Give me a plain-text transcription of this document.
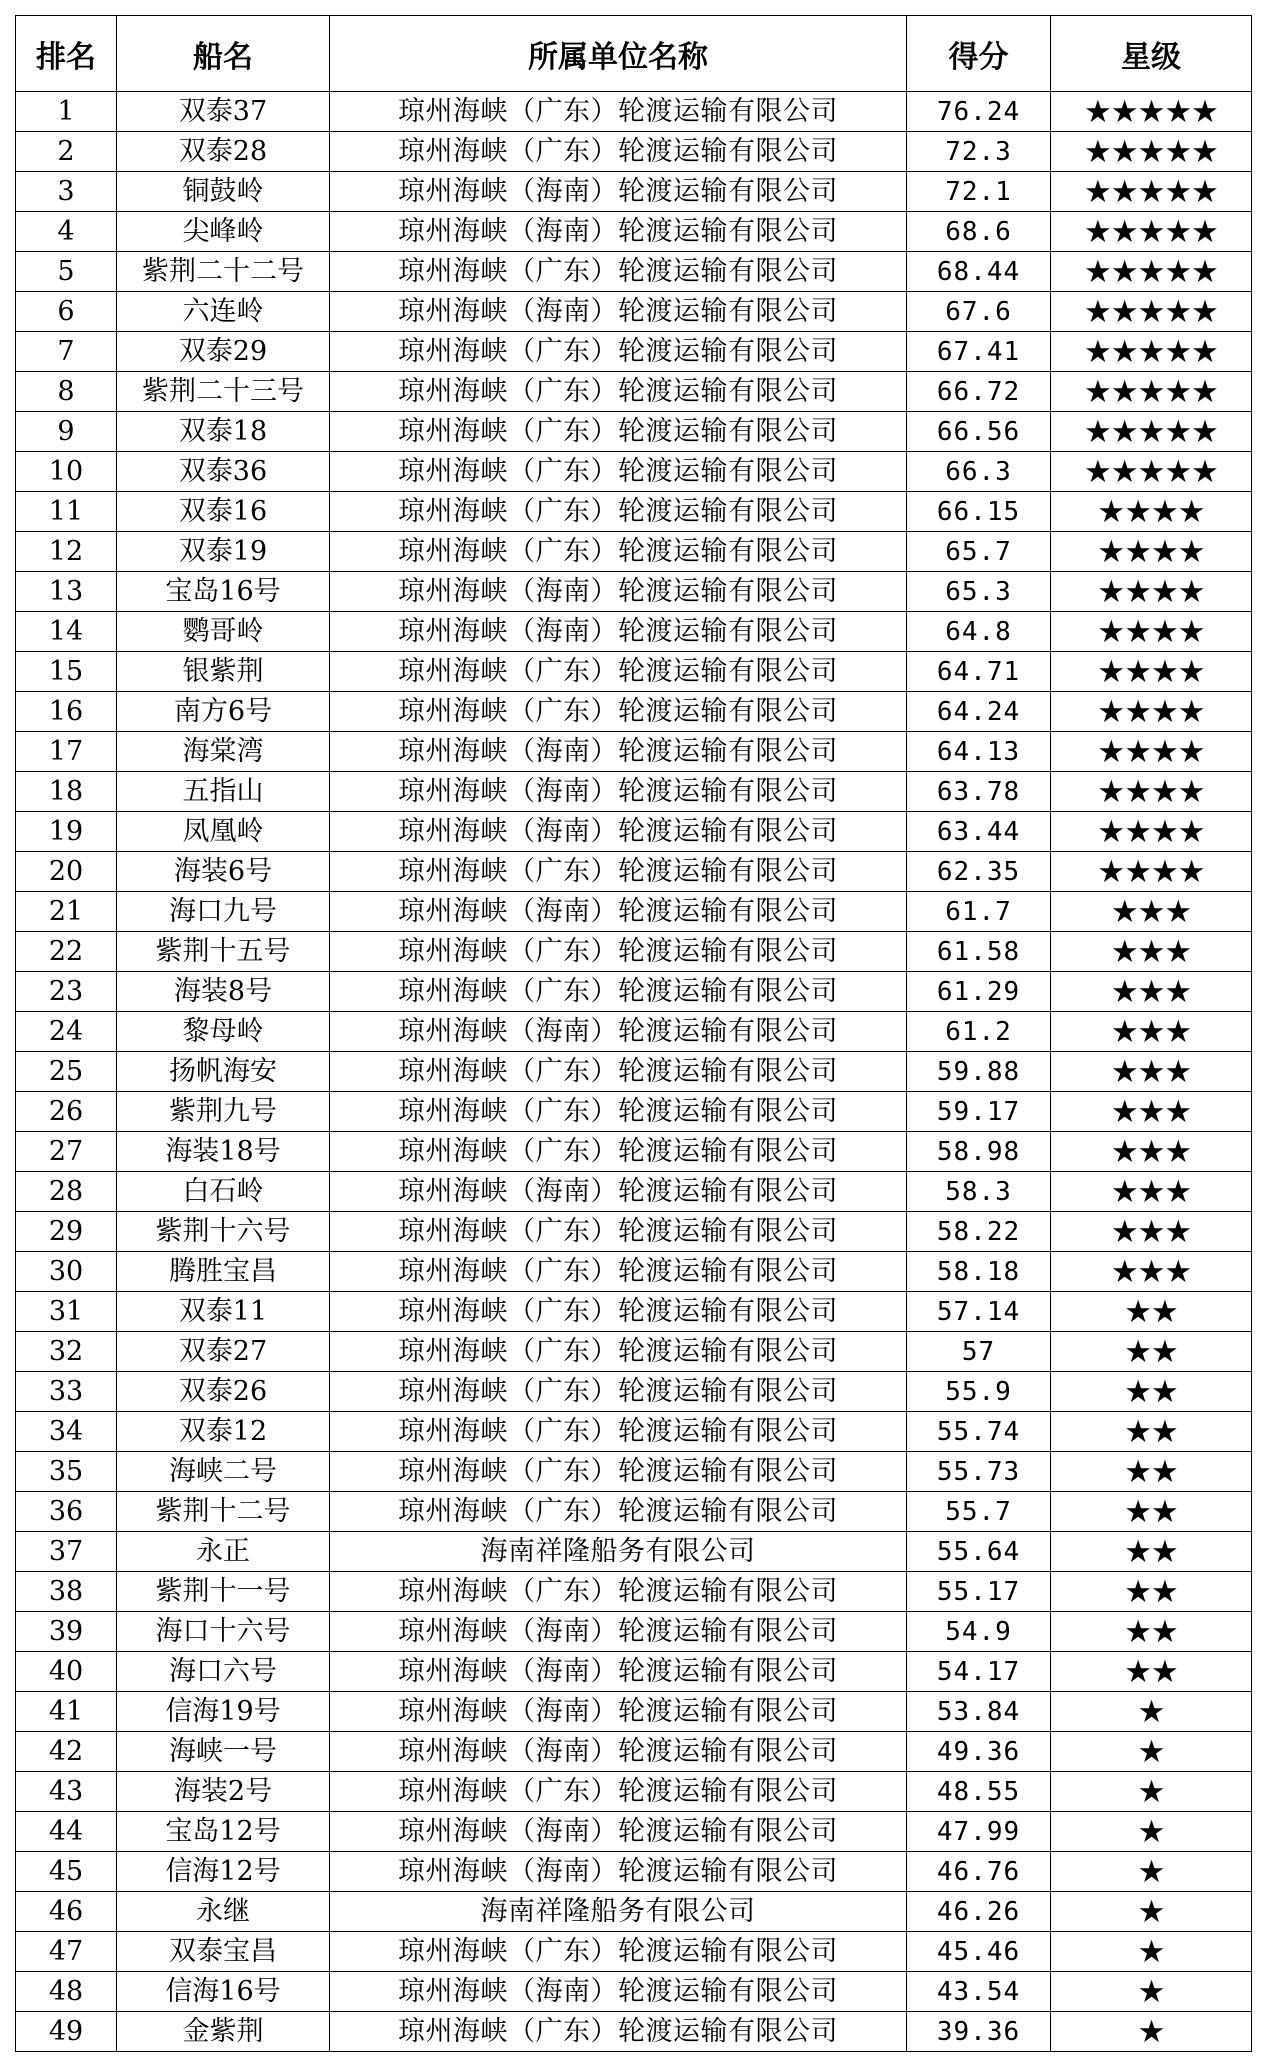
排名	船名	所属单位名称	得分	星级
1	双泰37	琼州海峡（广东）轮渡运输有限公司	76.24	★★★★★
2	双泰28	琼州海峡（广东）轮渡运输有限公司	72.3	★★★★★
3	铜鼓岭	琼州海峡（海南）轮渡运输有限公司	72.1	★★★★★
4	尖峰岭	琼州海峡（海南）轮渡运输有限公司	68.6	★★★★★
5	紫荆二十二号	琼州海峡（广东）轮渡运输有限公司	68.44	★★★★★
6	六连岭	琼州海峡（海南）轮渡运输有限公司	67.6	★★★★★
7	双泰29	琼州海峡（广东）轮渡运输有限公司	67.41	★★★★★
8	紫荆二十三号	琼州海峡（广东）轮渡运输有限公司	66.72	★★★★★
9	双泰18	琼州海峡（广东）轮渡运输有限公司	66.56	★★★★★
10	双泰36	琼州海峡（广东）轮渡运输有限公司	66.3	★★★★★
11	双泰16	琼州海峡（广东）轮渡运输有限公司	66.15	★★★★
12	双泰19	琼州海峡（广东）轮渡运输有限公司	65.7	★★★★
13	宝岛16号	琼州海峡（海南）轮渡运输有限公司	65.3	★★★★
14	鹦哥岭	琼州海峡（海南）轮渡运输有限公司	64.8	★★★★
15	银紫荆	琼州海峡（广东）轮渡运输有限公司	64.71	★★★★
16	南方6号	琼州海峡（广东）轮渡运输有限公司	64.24	★★★★
17	海棠湾	琼州海峡（海南）轮渡运输有限公司	64.13	★★★★
18	五指山	琼州海峡（海南）轮渡运输有限公司	63.78	★★★★
19	凤凰岭	琼州海峡（海南）轮渡运输有限公司	63.44	★★★★
20	海装6号	琼州海峡（广东）轮渡运输有限公司	62.35	★★★★
21	海口九号	琼州海峡（海南）轮渡运输有限公司	61.7	★★★
22	紫荆十五号	琼州海峡（广东）轮渡运输有限公司	61.58	★★★
23	海装8号	琼州海峡（广东）轮渡运输有限公司	61.29	★★★
24	黎母岭	琼州海峡（海南）轮渡运输有限公司	61.2	★★★
25	扬帆海安	琼州海峡（广东）轮渡运输有限公司	59.88	★★★
26	紫荆九号	琼州海峡（广东）轮渡运输有限公司	59.17	★★★
27	海装18号	琼州海峡（广东）轮渡运输有限公司	58.98	★★★
28	白石岭	琼州海峡（海南）轮渡运输有限公司	58.3	★★★
29	紫荆十六号	琼州海峡（广东）轮渡运输有限公司	58.22	★★★
30	腾胜宝昌	琼州海峡（广东）轮渡运输有限公司	58.18	★★★
31	双泰11	琼州海峡（广东）轮渡运输有限公司	57.14	★★
32	双泰27	琼州海峡（广东）轮渡运输有限公司	57	★★
33	双泰26	琼州海峡（广东）轮渡运输有限公司	55.9	★★
34	双泰12	琼州海峡（广东）轮渡运输有限公司	55.74	★★
35	海峡二号	琼州海峡（广东）轮渡运输有限公司	55.73	★★
36	紫荆十二号	琼州海峡（广东）轮渡运输有限公司	55.7	★★
37	永正	海南祥隆船务有限公司	55.64	★★
38	紫荆十一号	琼州海峡（广东）轮渡运输有限公司	55.17	★★
39	海口十六号	琼州海峡（海南）轮渡运输有限公司	54.9	★★
40	海口六号	琼州海峡（海南）轮渡运输有限公司	54.17	★★
41	信海19号	琼州海峡（海南）轮渡运输有限公司	53.84	★
42	海峡一号	琼州海峡（海南）轮渡运输有限公司	49.36	★
43	海装2号	琼州海峡（广东）轮渡运输有限公司	48.55	★
44	宝岛12号	琼州海峡（海南）轮渡运输有限公司	47.99	★
45	信海12号	琼州海峡（海南）轮渡运输有限公司	46.76	★
46	永继	海南祥隆船务有限公司	46.26	★
47	双泰宝昌	琼州海峡（广东）轮渡运输有限公司	45.46	★
48	信海16号	琼州海峡（海南）轮渡运输有限公司	43.54	★
49	金紫荆	琼州海峡（广东）轮渡运输有限公司	39.36	★
